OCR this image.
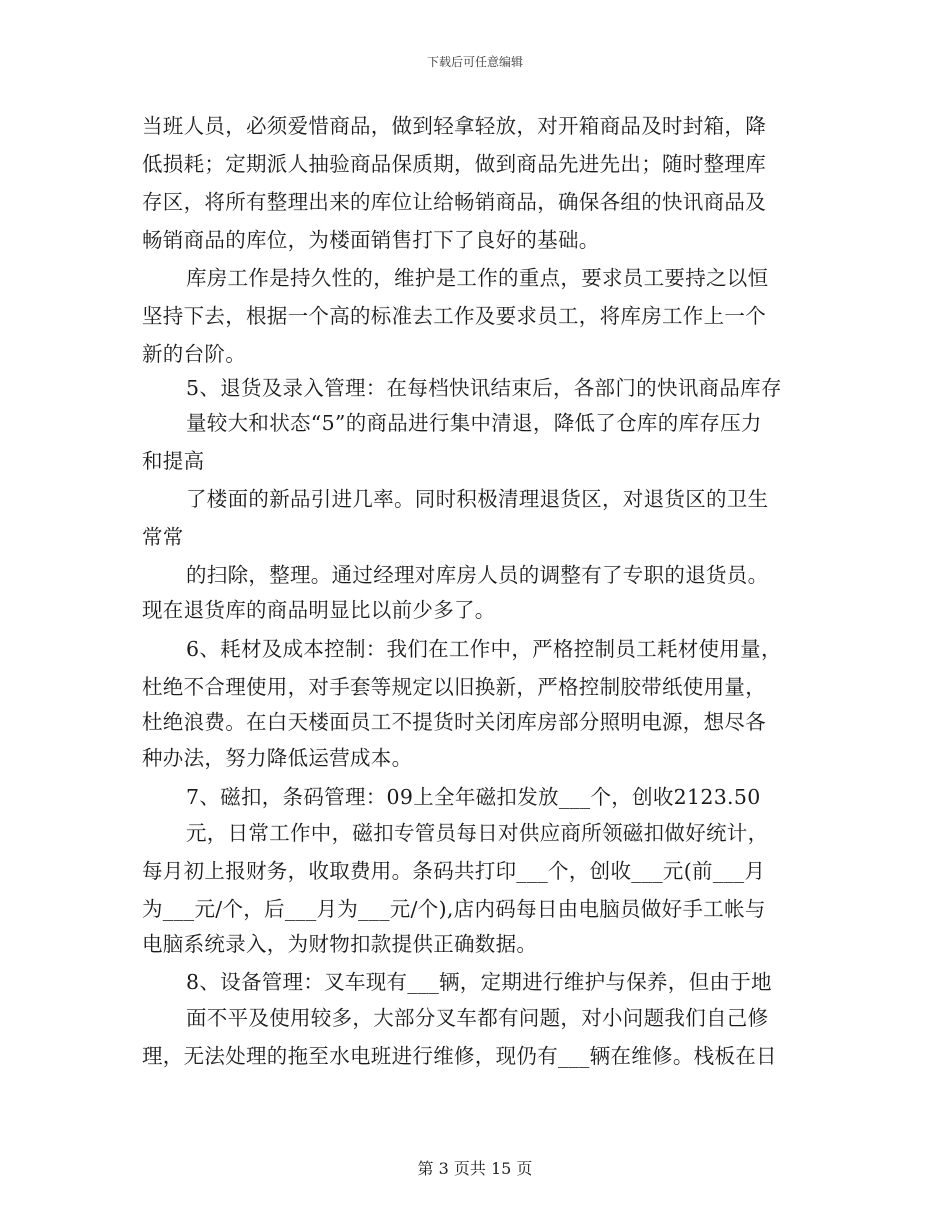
下载后可任意编辑

当班人员，必须爱惜商品，做到轻拿轻放，对开箱商品及时封箱，降

低损耗；定期派人抽验商品保质期，做到商品先进先出；随时整理库

存区，将所有整理出来的库位让给畅销商品，确保各组的快讯商品及

畅销商品的库位，为楼面销售打下了良好的基础。

库房工作是持久性的，维护是工作的重点，要求员工要持之以恒

坚持下去，根据一个高的标准去工作及要求员工，将库房工作上一个

新的台阶。

5、退货及录入管理：在每档快讯结束后，各部门的快讯商品库存

量较大和状态“5”的商品进行集中清退，降低了仓库的库存压力

和提高

了楼面的新品引进几率。同时积极清理退货区，对退货区的卫生

常常

的扫除，整理。通过经理对库房人员的调整有了专职的退货员。

现在退货库的商品明显比以前少多了。

6、耗材及成本控制：我们在工作中，严格控制员工耗材使用量，

杜绝不合理使用，对手套等规定以旧换新，严格控制胶带纸使用量，

杜绝浪费。在白天楼面员工不提货时关闭库房部分照明电源，想尽各

种办法，努力降低运营成本。

7、磁扣，条码管理：09上全年磁扣发放___个，创收2123.50

元，日常工作中，磁扣专管员每日对供应商所领磁扣做好统计，

每月初上报财务，收取费用。条码共打印___个，创收___元(前___月

为___元/个，后___月为___元/个),店内码每日由电脑员做好手工帐与

电脑系统录入，为财物扣款提供正确数据。

8、设备管理：叉车现有___辆，定期进行维护与保养，但由于地

面不平及使用较多，大部分叉车都有问题，对小问题我们自己修

理，无法处理的拖至水电班进行维修，现仍有___辆在维修。栈板在日

第 3 页共 15 页
